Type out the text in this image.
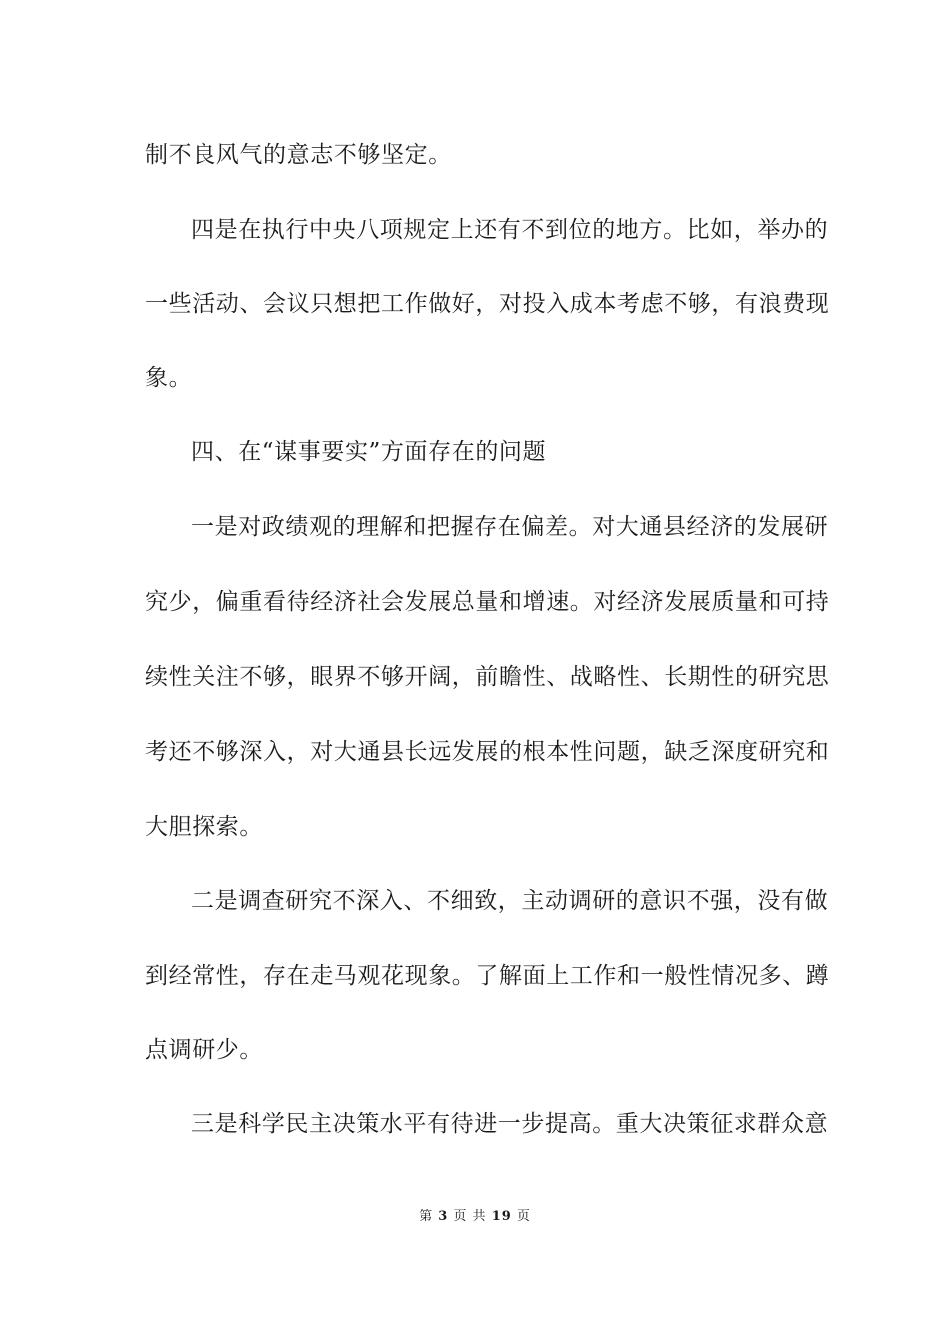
制不良风气的意志不够坚定。
四是在执行中央八项规定上还有不到位的地方。比如，举办的
一些活动、会议只想把工作做好，对投入成本考虑不够，有浪费现
象。
四、在“谋事要实”方面存在的问题
一是对政绩观的理解和把握存在偏差。对大通县经济的发展研
究少，偏重看待经济社会发展总量和增速。对经济发展质量和可持
续性关注不够，眼界不够开阔，前瞻性、战略性、长期性的研究思
考还不够深入，对大通县长远发展的根本性问题，缺乏深度研究和
大胆探索。
二是调查研究不深入、不细致，主动调研的意识不强，没有做
到经常性，存在走马观花现象。了解面上工作和一般性情况多、蹲
点调研少。
三是科学民主决策水平有待进一步提高。重大决策征求群众意
第 3 页 共 19 页
